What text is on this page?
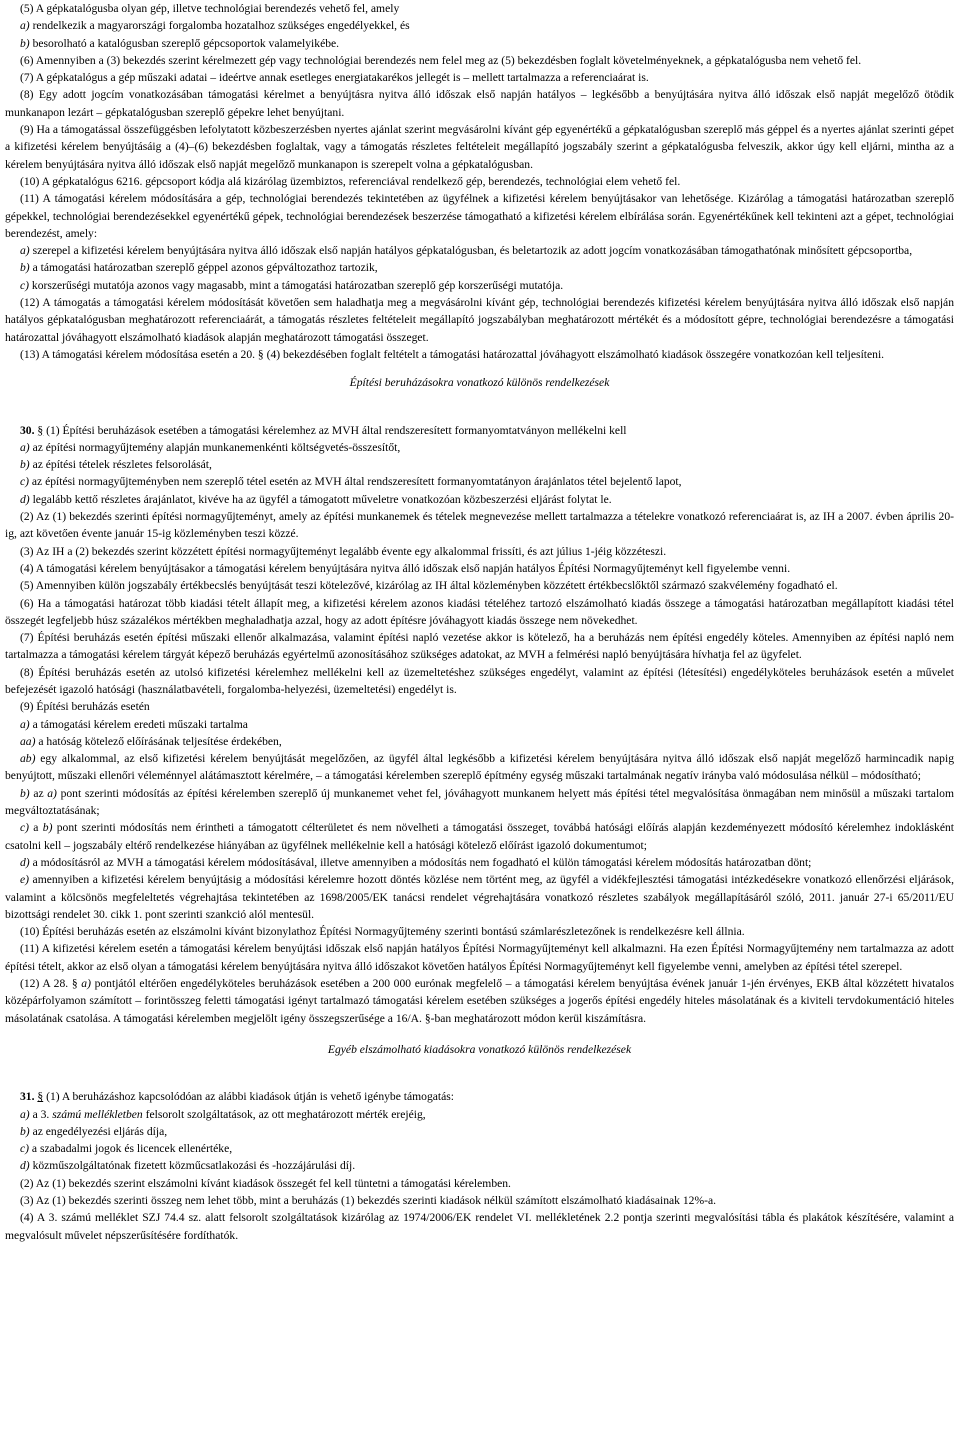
(5) A gépkatalógusba olyan gép, illetve technológiai berendezés vehető fel, amely

a) rendelkezik a magyarországi forgalomba hozatalhoz szükséges engedélyekkel, és

b) besorolható a katalógusban szereplő gépcsoportok valamelyikébe.

(6) Amennyiben a (3) bekezdés szerint kérelmezett gép vagy technológiai berendezés nem felel meg az (5) bekezdésben foglalt követelményeknek, a gépkatalógusba nem vehető fel.

(7) A gépkatalógus a gép műszaki adatai – ideértve annak esetleges energiatakarékos jellegét is – mellett tartalmazza a referenciaárat is.

(8) Egy adott jogcím vonatkozásában támogatási kérelmet a benyújtásra nyitva álló időszak első napján hatályos – legkésőbb a benyújtására nyitva álló időszak első napját megelőző ötödik munkanapon lezárt – gépkatalógusban szereplő gépekre lehet benyújtani.

(9) Ha a támogatással összefüggésben lefolytatott közbeszerzésben nyertes ajánlat szerint megvásárolni kívánt gép egyenértékű a gépkatalógusban szereplő más géppel és a nyertes ajánlat szerinti gépet a kifizetési kérelem benyújtásáig a (4)–(6) bekezdésben foglaltak, vagy a támogatás részletes feltételeit megállapító jogszabály szerint a gépkatalógusba felveszik, akkor úgy kell eljárni, mintha az a kérelem benyújtására nyitva álló időszak első napját megelőző munkanapon is szerepelt volna a gépkatalógusban.

(10) A gépkatalógus 6216. gépcsoport kódja alá kizárólag üzembiztos, referenciával rendelkező gép, berendezés, technológiai elem vehető fel.

(11) A támogatási kérelem módosítására a gép, technológiai berendezés tekintetében az ügyfélnek a kifizetési kérelem benyújtásakor van lehetősége. Kizárólag a támogatási határozatban szereplő gépekkel, technológiai berendezésekkel egyenértékű gépek, technológiai berendezések beszerzése támogatható a kifizetési kérelem elbírálása során. Egyenértékűnek kell tekinteni azt a gépet, technológiai berendezést, amely:

a) szerepel a kifizetési kérelem benyújtására nyitva álló időszak első napján hatályos gépkatalógusban, és beletartozik az adott jogcím vonatkozásában támogathatónak minősített gépcsoportba,

b) a támogatási határozatban szereplő géppel azonos gépváltozathoz tartozik,

c) korszerűségi mutatója azonos vagy magasabb, mint a támogatási határozatban szereplő gép korszerűségi mutatója.

(12) A támogatás a támogatási kérelem módosítását követően sem haladhatja meg a megvásárolni kívánt gép, technológiai berendezés kifizetési kérelem benyújtására nyitva álló időszak első napján hatályos gépkatalógusban meghatározott referenciaárát, a támogatás részletes feltételeit megállapító jogszabályban meghatározott mértékét és a módosított gépre, technológiai berendezésre a támogatási határozattal jóváhagyott elszámolható kiadások alapján meghatározott támogatási összeget.

(13) A támogatási kérelem módosítása esetén a 20. § (4) bekezdésében foglalt feltételt a támogatási határozattal jóváhagyott elszámolható kiadások összegére vonatkozóan kell teljesíteni.

Építési beruházásokra vonatkozó különös rendelkezések

30. § (1) Építési beruházások esetében a támogatási kérelemhez az MVH által rendszeresített formanyomtatványon mellékelni kell

a) az építési normagyűjtemény alapján munkanemenkénti költségvetés-összesítőt,

b) az építési tételek részletes felsorolását,

c) az építési normagyűjteményben nem szereplő tétel esetén az MVH által rendszeresített formanyomtatányon árajánlatos tétel bejelentő lapot,

d) legalább kettő részletes árajánlatot, kivéve ha az ügyfél a támogatott műveletre vonatkozóan közbeszerzési eljárást folytat le.

(2) Az (1) bekezdés szerinti építési normagyűjteményt, amely az építési munkanemek és tételek megnevezése mellett tartalmazza a tételekre vonatkozó referenciaárat is, az IH a 2007. évben április 20-ig, azt követően évente január 15-ig közleményben teszi közzé.

(3) Az IH a (2) bekezdés szerint közzétett építési normagyűjteményt legalább évente egy alkalommal frissíti, és azt július 1-jéig közzéteszi.

(4) A támogatási kérelem benyújtásakor a támogatási kérelem benyújtására nyitva álló időszak első napján hatályos Építési Normagyűjteményt kell figyelembe venni.

(5) Amennyiben külön jogszabály értékbecslés benyújtását teszi kötelezővé, kizárólag az IH által közleményben közzétett értékbecslőktől származó szakvélemény fogadható el.

(6) Ha a támogatási határozat több kiadási tételt állapít meg, a kifizetési kérelem azonos kiadási tételéhez tartozó elszámolható kiadás összege a támogatási határozatban megállapított kiadási tétel összegét legfeljebb húsz százalékos mértékben meghaladhatja azzal, hogy az adott építésre jóváhagyott kiadás összege nem növekedhet.

(7) Építési beruházás esetén építési műszaki ellenőr alkalmazása, valamint építési napló vezetése akkor is kötelező, ha a beruházás nem építési engedély köteles. Amennyiben az építési napló nem tartalmazza a támogatási kérelem tárgyát képező beruházás egyértelmű azonosításához szükséges adatokat, az MVH a felmérési napló benyújtására hívhatja fel az ügyfelet.

(8) Építési beruházás esetén az utolsó kifizetési kérelemhez mellékelni kell az üzemeltetéshez szükséges engedélyt, valamint az építési (létesítési) engedélyköteles beruházások esetén a művelet befejezését igazoló hatósági (használatbavételi, forgalomba-helyezési, üzemeltetési) engedélyt is.

(9) Építési beruházás esetén

a) a támogatási kérelem eredeti műszaki tartalma

aa) a hatóság kötelező előírásának teljesítése érdekében,

ab) egy alkalommal, az első kifizetési kérelem benyújtását megelőzően, az ügyfél által legkésőbb a kifizetési kérelem benyújtására nyitva álló időszak első napját megelőző harmincadik napig benyújtott, műszaki ellenőri véleménnyel alátámasztott kérelmére, – a támogatási kérelemben szereplő építmény egység műszaki tartalmának negatív irányba való módosulása nélkül – módosítható;

b) az a) pont szerinti módosítás az építési kérelemben szereplő új munkanemet vehet fel, jóváhagyott munkanem helyett más építési tétel megvalósítása önmagában nem minősül a műszaki tartalom megváltoztatásának;

c) a b) pont szerinti módosítás nem érintheti a támogatott célterületet és nem növelheti a támogatási összeget, továbbá hatósági előírás alapján kezdeményezett módosító kérelemhez indoklásként csatolni kell – jogszabály eltérő rendelkezése hiányában az ügyfélnek mellékelnie kell a hatósági kötelező előírást igazoló dokumentumot;

d) a módosításról az MVH a támogatási kérelem módosításával, illetve amennyiben a módosítás nem fogadható el külön támogatási kérelem módosítás határozatban dönt;

e) amennyiben a kifizetési kérelem benyújtásig a módosítási kérelemre hozott döntés közlése nem történt meg, az ügyfél a vidékfejlesztési támogatási intézkedésekre vonatkozó ellenőrzési eljárások, valamint a kölcsönös megfeleltetés végrehajtása tekintetében az 1698/2005/EK tanácsi rendelet végrehajtására vonatkozó részletes szabályok megállapításáról szóló, 2011. január 27-i 65/2011/EU bizottsági rendelet 30. cikk 1. pont szerinti szankció alól mentesül.

(10) Építési beruházás esetén az elszámolni kívánt bizonylathoz Építési Normagyűjtemény szerinti bontású számlarészletezőnek is rendelkezésre kell állnia.

(11) A kifizetési kérelem esetén a támogatási kérelem benyújtási időszak első napján hatályos Építési Normagyűjteményt kell alkalmazni. Ha ezen Építési Normagyűjtemény nem tartalmazza az adott építési tételt, akkor az első olyan a támogatási kérelem benyújtására nyitva álló időszakot követően hatályos Építési Normagyűjteményt kell figyelembe venni, amelyben az építési tétel szerepel.

(12) A 28. § a) pontjától eltérően engedélyköteles beruházások esetében a 200 000 eurónak megfelelő – a támogatási kérelem benyújtása évének január 1-jén érvényes, EKB által közzétett hivatalos középárfolyamon számított – forintösszeg feletti támogatási igényt tartalmazó támogatási kérelem esetében szükséges a jogerős építési engedély hiteles másolatának és a kiviteli tervdokumentáció hiteles másolatának csatolása. A támogatási kérelemben megjelölt igény összegszerűsége a 16/A. §-ban meghatározott módon kerül kiszámításra.

Egyéb elszámolható kiadásokra vonatkozó különös rendelkezések

31. § (1) A beruházáshoz kapcsolódóan az alábbi kiadások útján is vehető igénybe támogatás:

a) a 3. számú mellékletben felsorolt szolgáltatások, az ott meghatározott mérték erejéig,

b) az engedélyezési eljárás díja,

c) a szabadalmi jogok és licencek ellenértéke,

d) közműszolgáltatónak fizetett közműcsatlakozási és -hozzájárulási díj.

(2) Az (1) bekezdés szerint elszámolni kívánt kiadások összegét fel kell tüntetni a támogatási kérelemben.

(3) Az (1) bekezdés szerinti összeg nem lehet több, mint a beruházás (1) bekezdés szerinti kiadások nélkül számított elszámolható kiadásainak 12%-a.

(4) A 3. számú melléklet SZJ 74.4 sz. alatt felsorolt szolgáltatások kizárólag az 1974/2006/EK rendelet VI. mellékletének 2.2 pontja szerinti megvalósítási tábla és plakátok készítésére, valamint a megvalósult művelet népszerűsítésére fordíthatók.
